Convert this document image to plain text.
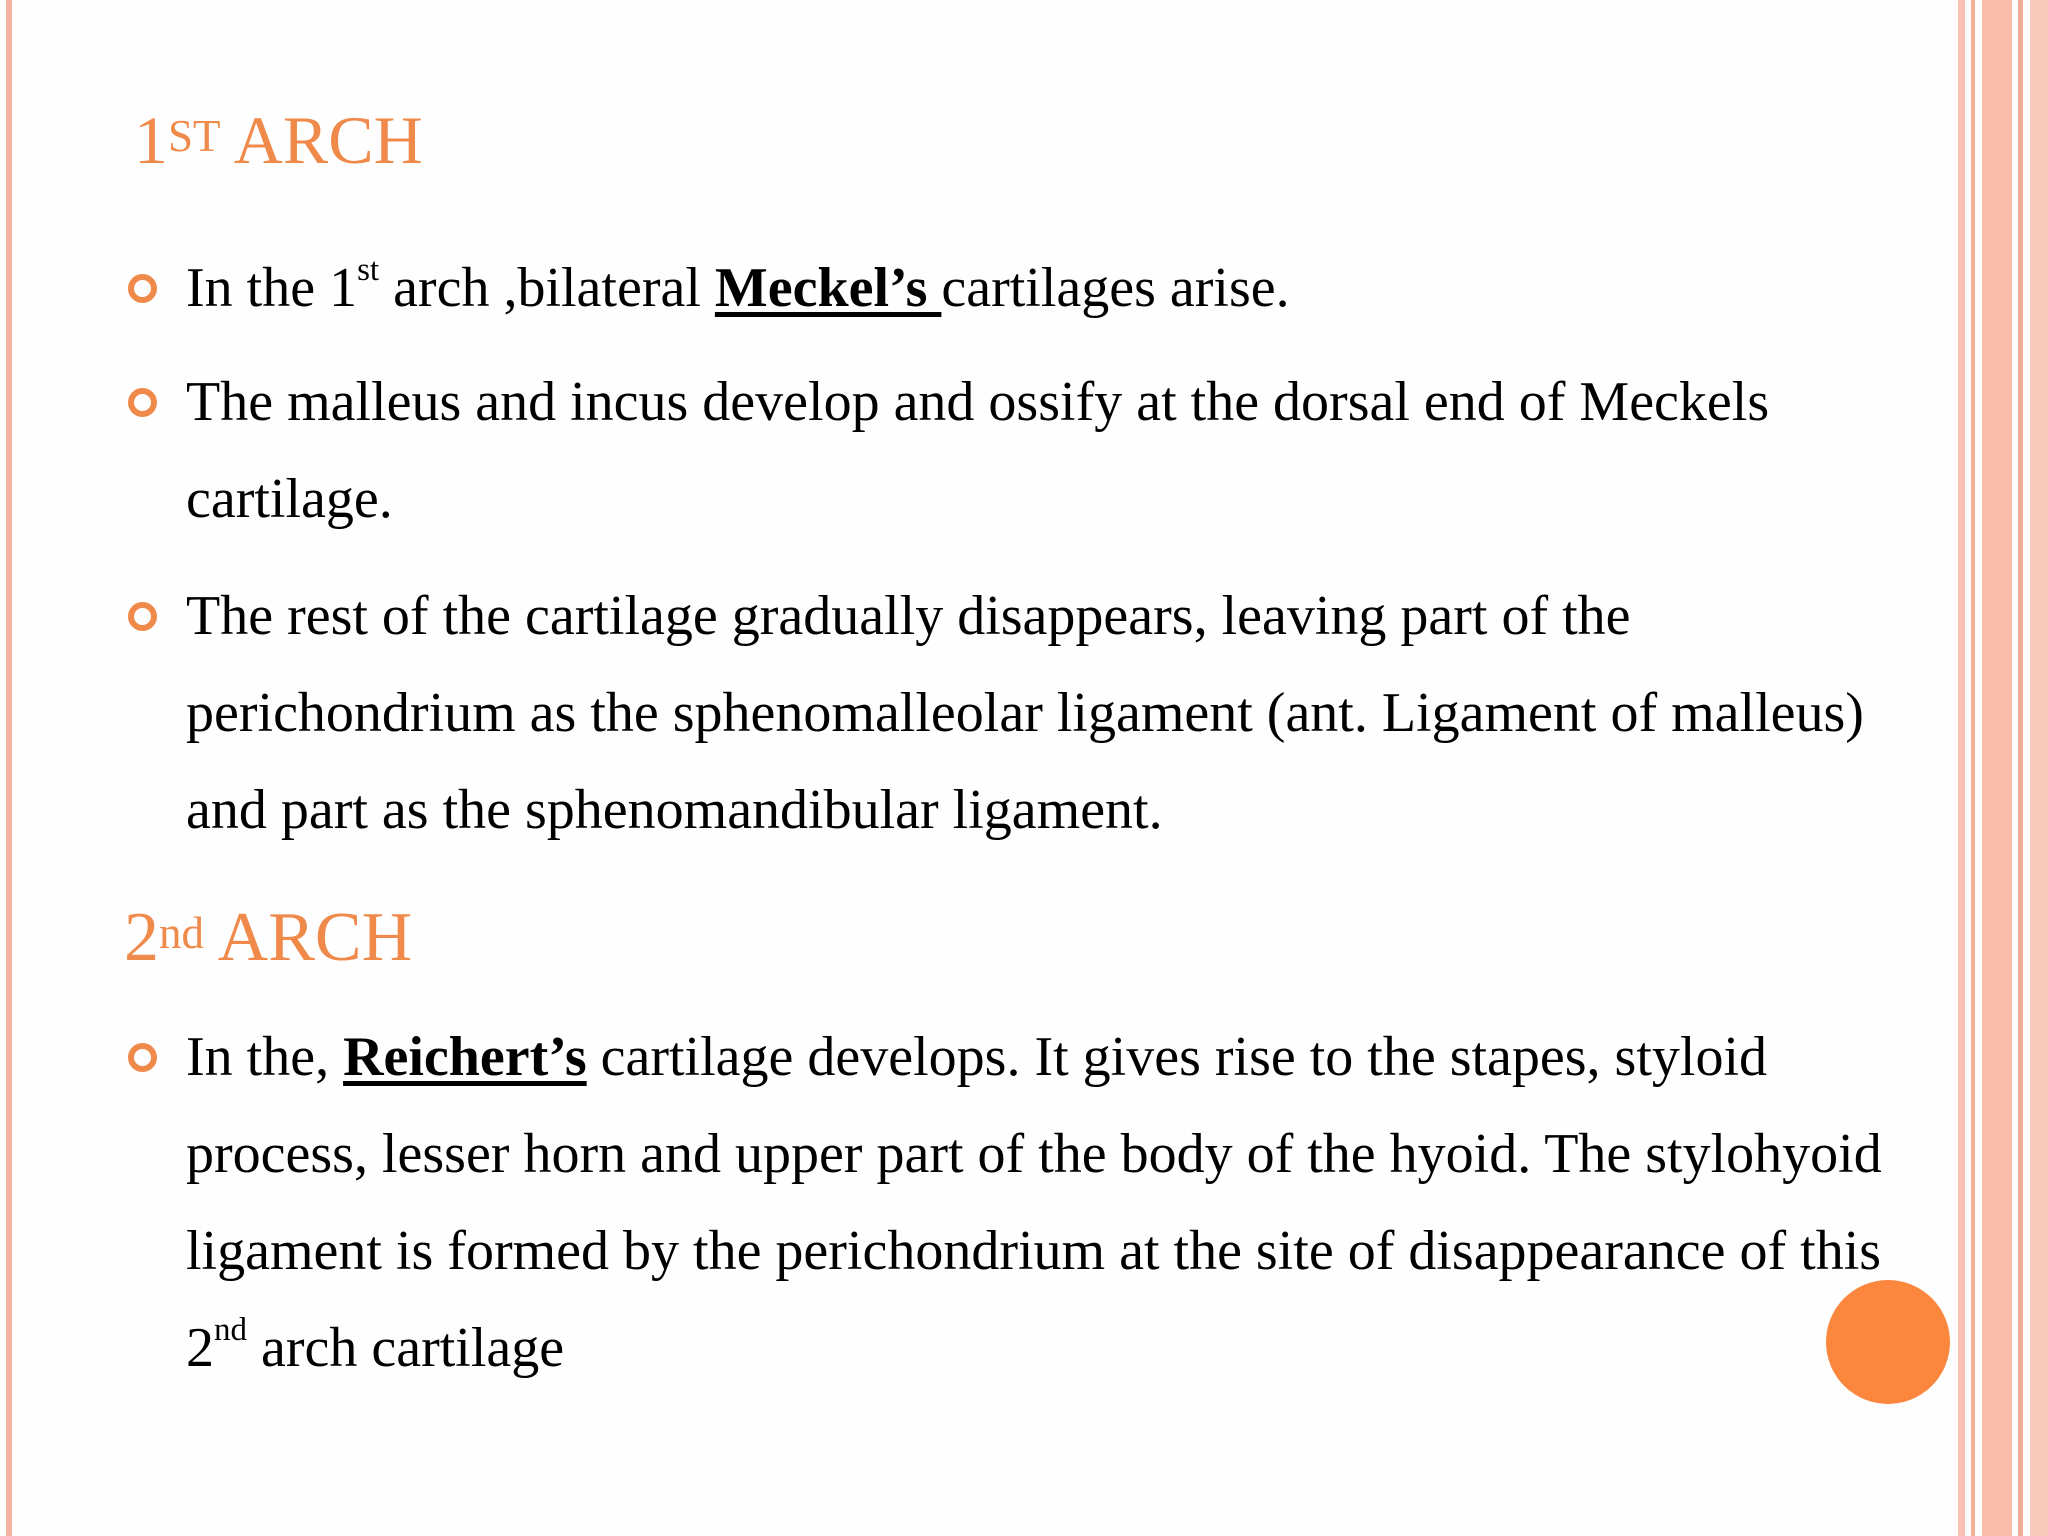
1ST ARCH
In the 1st arch ,bilateral Meckel’s cartilages arise.
The malleus and incus develop and ossify at the dorsal end of Meckels cartilage.
The rest of the cartilage gradually disappears, leaving part of the perichondrium as the sphenomalleolar ligament (ant. Ligament of malleus) and part as the sphenomandibular ligament.
2nd ARCH
In the, Reichert’s cartilage develops. It gives rise to the stapes, styloid process, lesser horn and upper part of the body of the hyoid. The stylohyoid ligament is formed by the perichondrium at the site of disappearance of this 2nd arch cartilage
